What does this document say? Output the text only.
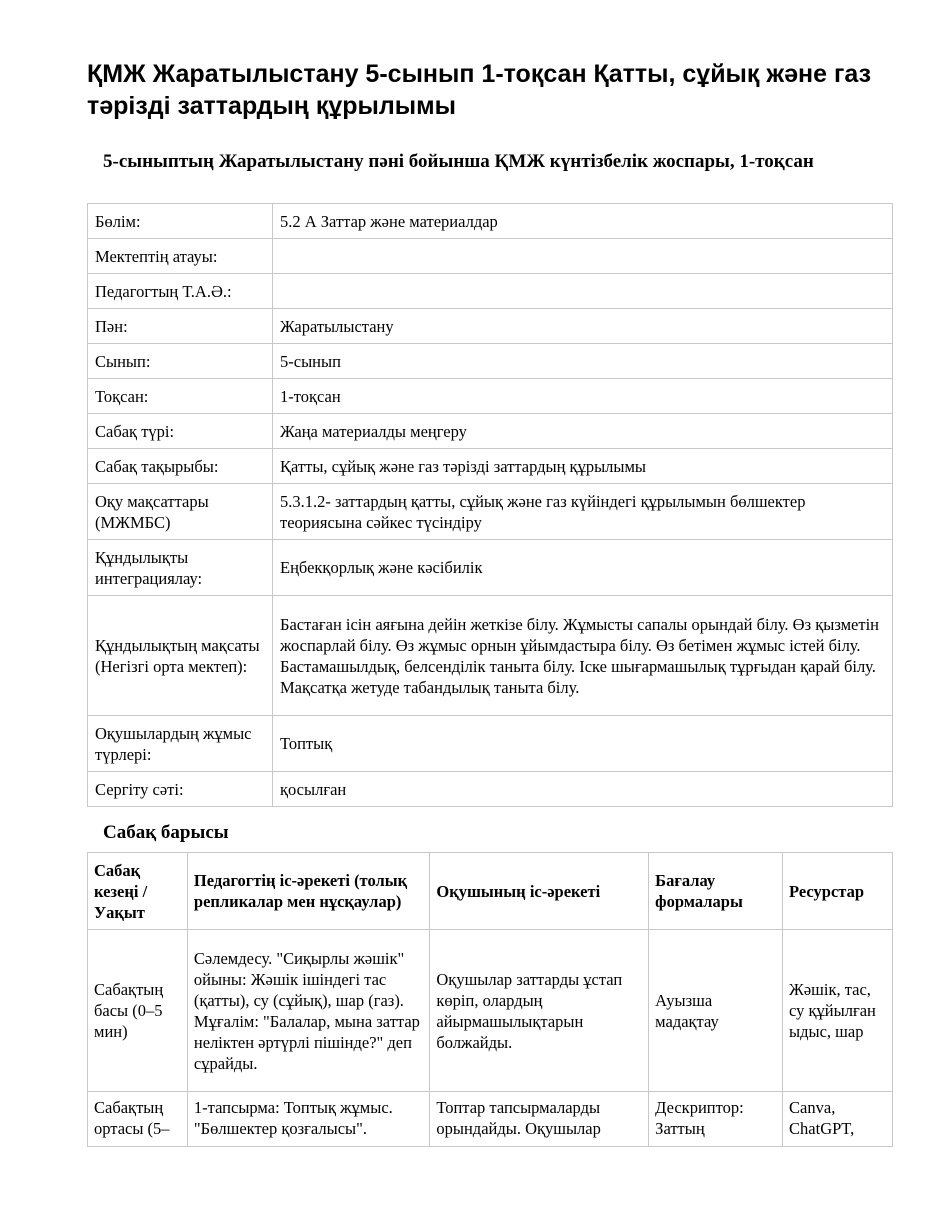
ҚМЖ Жаратылыстану 5-сынып 1-тоқсан Қатты, сұйық және газ тәрізді заттардың құрылымы
5-сыныптың Жаратылыстану пәні бойынша ҚМЖ күнтізбелік жоспары, 1-тоқсан
Бөлім:	5.2 А Заттар және материалдар
Мектептің атауы:	
Педагогтың Т.А.Ә.:	
Пән:	Жаратылыстану
Сынып:	5-сынып
Тоқсан:	1-тоқсан
Сабақ түрі:	Жаңа материалды меңгеру
Сабақ тақырыбы:	Қатты, сұйық және газ тәрізді заттардың құрылымы
Оқу мақсаттары (МЖМБС)	5.3.1.2- заттардың қатты, сұйық және газ күйіндегі құрылымын бөлшектер теориясына сәйкес түсіндіру
Құндылықты интеграциялау:	Еңбекқорлық және кәсібилік
Құндылықтың мақсаты (Негізгі орта мектеп):	Бастаған ісін аяғына дейін жеткізе білу. Жұмысты сапалы орындай білу. Өз қызметін жоспарлай білу. Өз жұмыс орнын ұйымдастыра білу. Өз бетімен жұмыс істей білу. Бастамашылдық, белсенділік таныта білу. Іске шығармашылық тұрғыдан қарай білу. Мақсатқа жетуде табандылық таныта білу.
Оқушылардың жұмыс түрлері:	Топтық
Сергіту сәті:	қосылған
Сабақ барысы
Сабақ кезеңі / Уақыт	Педагогтің іс-әрекеті (толық репликалар мен нұсқаулар)	Оқушының іс-әрекеті	Бағалау формалары	Ресурстар
Сабақтың басы (0–5 мин)	Сәлемдесу. "Сиқырлы жәшік" ойыны: Жәшік ішіндегі тас (қатты), су (сұйық), шар (газ). Мұғалім: "Балалар, мына заттар неліктен әртүрлі пішінде?" деп сұрайды.	Оқушылар заттарды ұстап көріп, олардың айырмашылықтарын болжайды.	Ауызша мадақтау	Жәшік, тас, су құйылған ыдыс, шар
Сабақтың ортасы (5–	1-тапсырма: Топтық жұмыс. "Бөлшектер қозғалысы".	Топтар тапсырмаларды орындайды. Оқушылар	Дескриптор: Заттың	Canva, ChatGPT,
